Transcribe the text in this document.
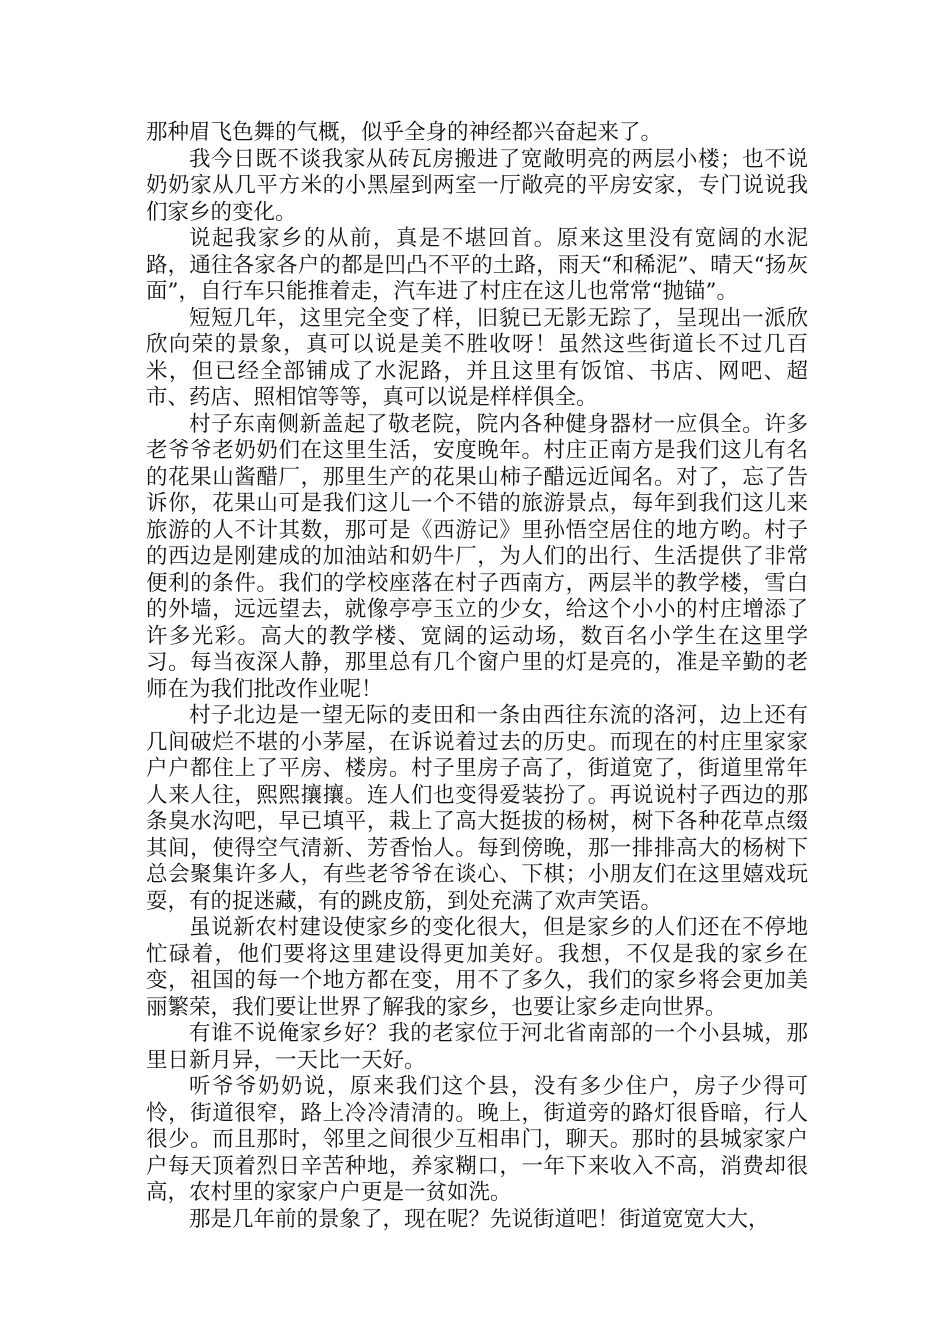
那种眉飞色舞的气概，似乎全身的神经都兴奋起来了。

我今日既不谈我家从砖瓦房搬进了宽敞明亮的两层小楼；也不说奶奶家从几平方米的小黑屋到两室一厅敞亮的平房安家，专门说说我们家乡的变化。

说起我家乡的从前，真是不堪回首。原来这里没有宽阔的水泥路，通往各家各户的都是凹凸不平的土路，雨天“和稀泥”、晴天“扬灰面”，自行车只能推着走，汽车进了村庄在这儿也常常“抛锚”。

短短几年，这里完全变了样，旧貌已无影无踪了，呈现出一派欣欣向荣的景象，真可以说是美不胜收呀！虽然这些街道长不过几百米，但已经全部铺成了水泥路，并且这里有饭馆、书店、网吧、超市、药店、照相馆等等，真可以说是样样俱全。

村子东南侧新盖起了敬老院，院内各种健身器材一应俱全。许多老爷爷老奶奶们在这里生活，安度晚年。村庄正南方是我们这儿有名的花果山酱醋厂，那里生产的花果山柿子醋远近闻名。对了，忘了告诉你，花果山可是我们这儿一个不错的旅游景点，每年到我们这儿来旅游的人不计其数，那可是《西游记》里孙悟空居住的地方哟。村子的西边是刚建成的加油站和奶牛厂，为人们的出行、生活提供了非常便利的条件。我们的学校座落在村子西南方，两层半的教学楼，雪白的外墙，远远望去，就像亭亭玉立的少女，给这个小小的村庄增添了许多光彩。高大的教学楼、宽阔的运动场，数百名小学生在这里学习。每当夜深人静，那里总有几个窗户里的灯是亮的，准是辛勤的老师在为我们批改作业呢！

村子北边是一望无际的麦田和一条由西往东流的洛河，边上还有几间破烂不堪的小茅屋，在诉说着过去的历史。而现在的村庄里家家户户都住上了平房、楼房。村子里房子高了，街道宽了，街道里常年人来人往，熙熙攘攘。连人们也变得爱装扮了。再说说村子西边的那条臭水沟吧，早已填平，栽上了高大挺拔的杨树，树下各种花草点缀其间，使得空气清新、芳香怡人。每到傍晚，那一排排高大的杨树下总会聚集许多人，有些老爷爷在谈心、下棋；小朋友们在这里嬉戏玩耍，有的捉迷藏，有的跳皮筋，到处充满了欢声笑语。

虽说新农村建设使家乡的变化很大，但是家乡的人们还在不停地忙碌着，他们要将这里建设得更加美好。我想，不仅是我的家乡在变，祖国的每一个地方都在变，用不了多久，我们的家乡将会更加美丽繁荣，我们要让世界了解我的家乡，也要让家乡走向世界。

有谁不说俺家乡好？我的老家位于河北省南部的一个小县城，那里日新月异，一天比一天好。

听爷爷奶奶说，原来我们这个县，没有多少住户，房子少得可怜，街道很窄，路上冷冷清清的。晚上，街道旁的路灯很昏暗，行人很少。而且那时，邻里之间很少互相串门，聊天。那时的县城家家户户每天顶着烈日辛苦种地，养家糊口，一年下来收入不高，消费却很高，农村里的家家户户更是一贫如洗。

那是几年前的景象了，现在呢？先说街道吧！街道宽宽大大，
